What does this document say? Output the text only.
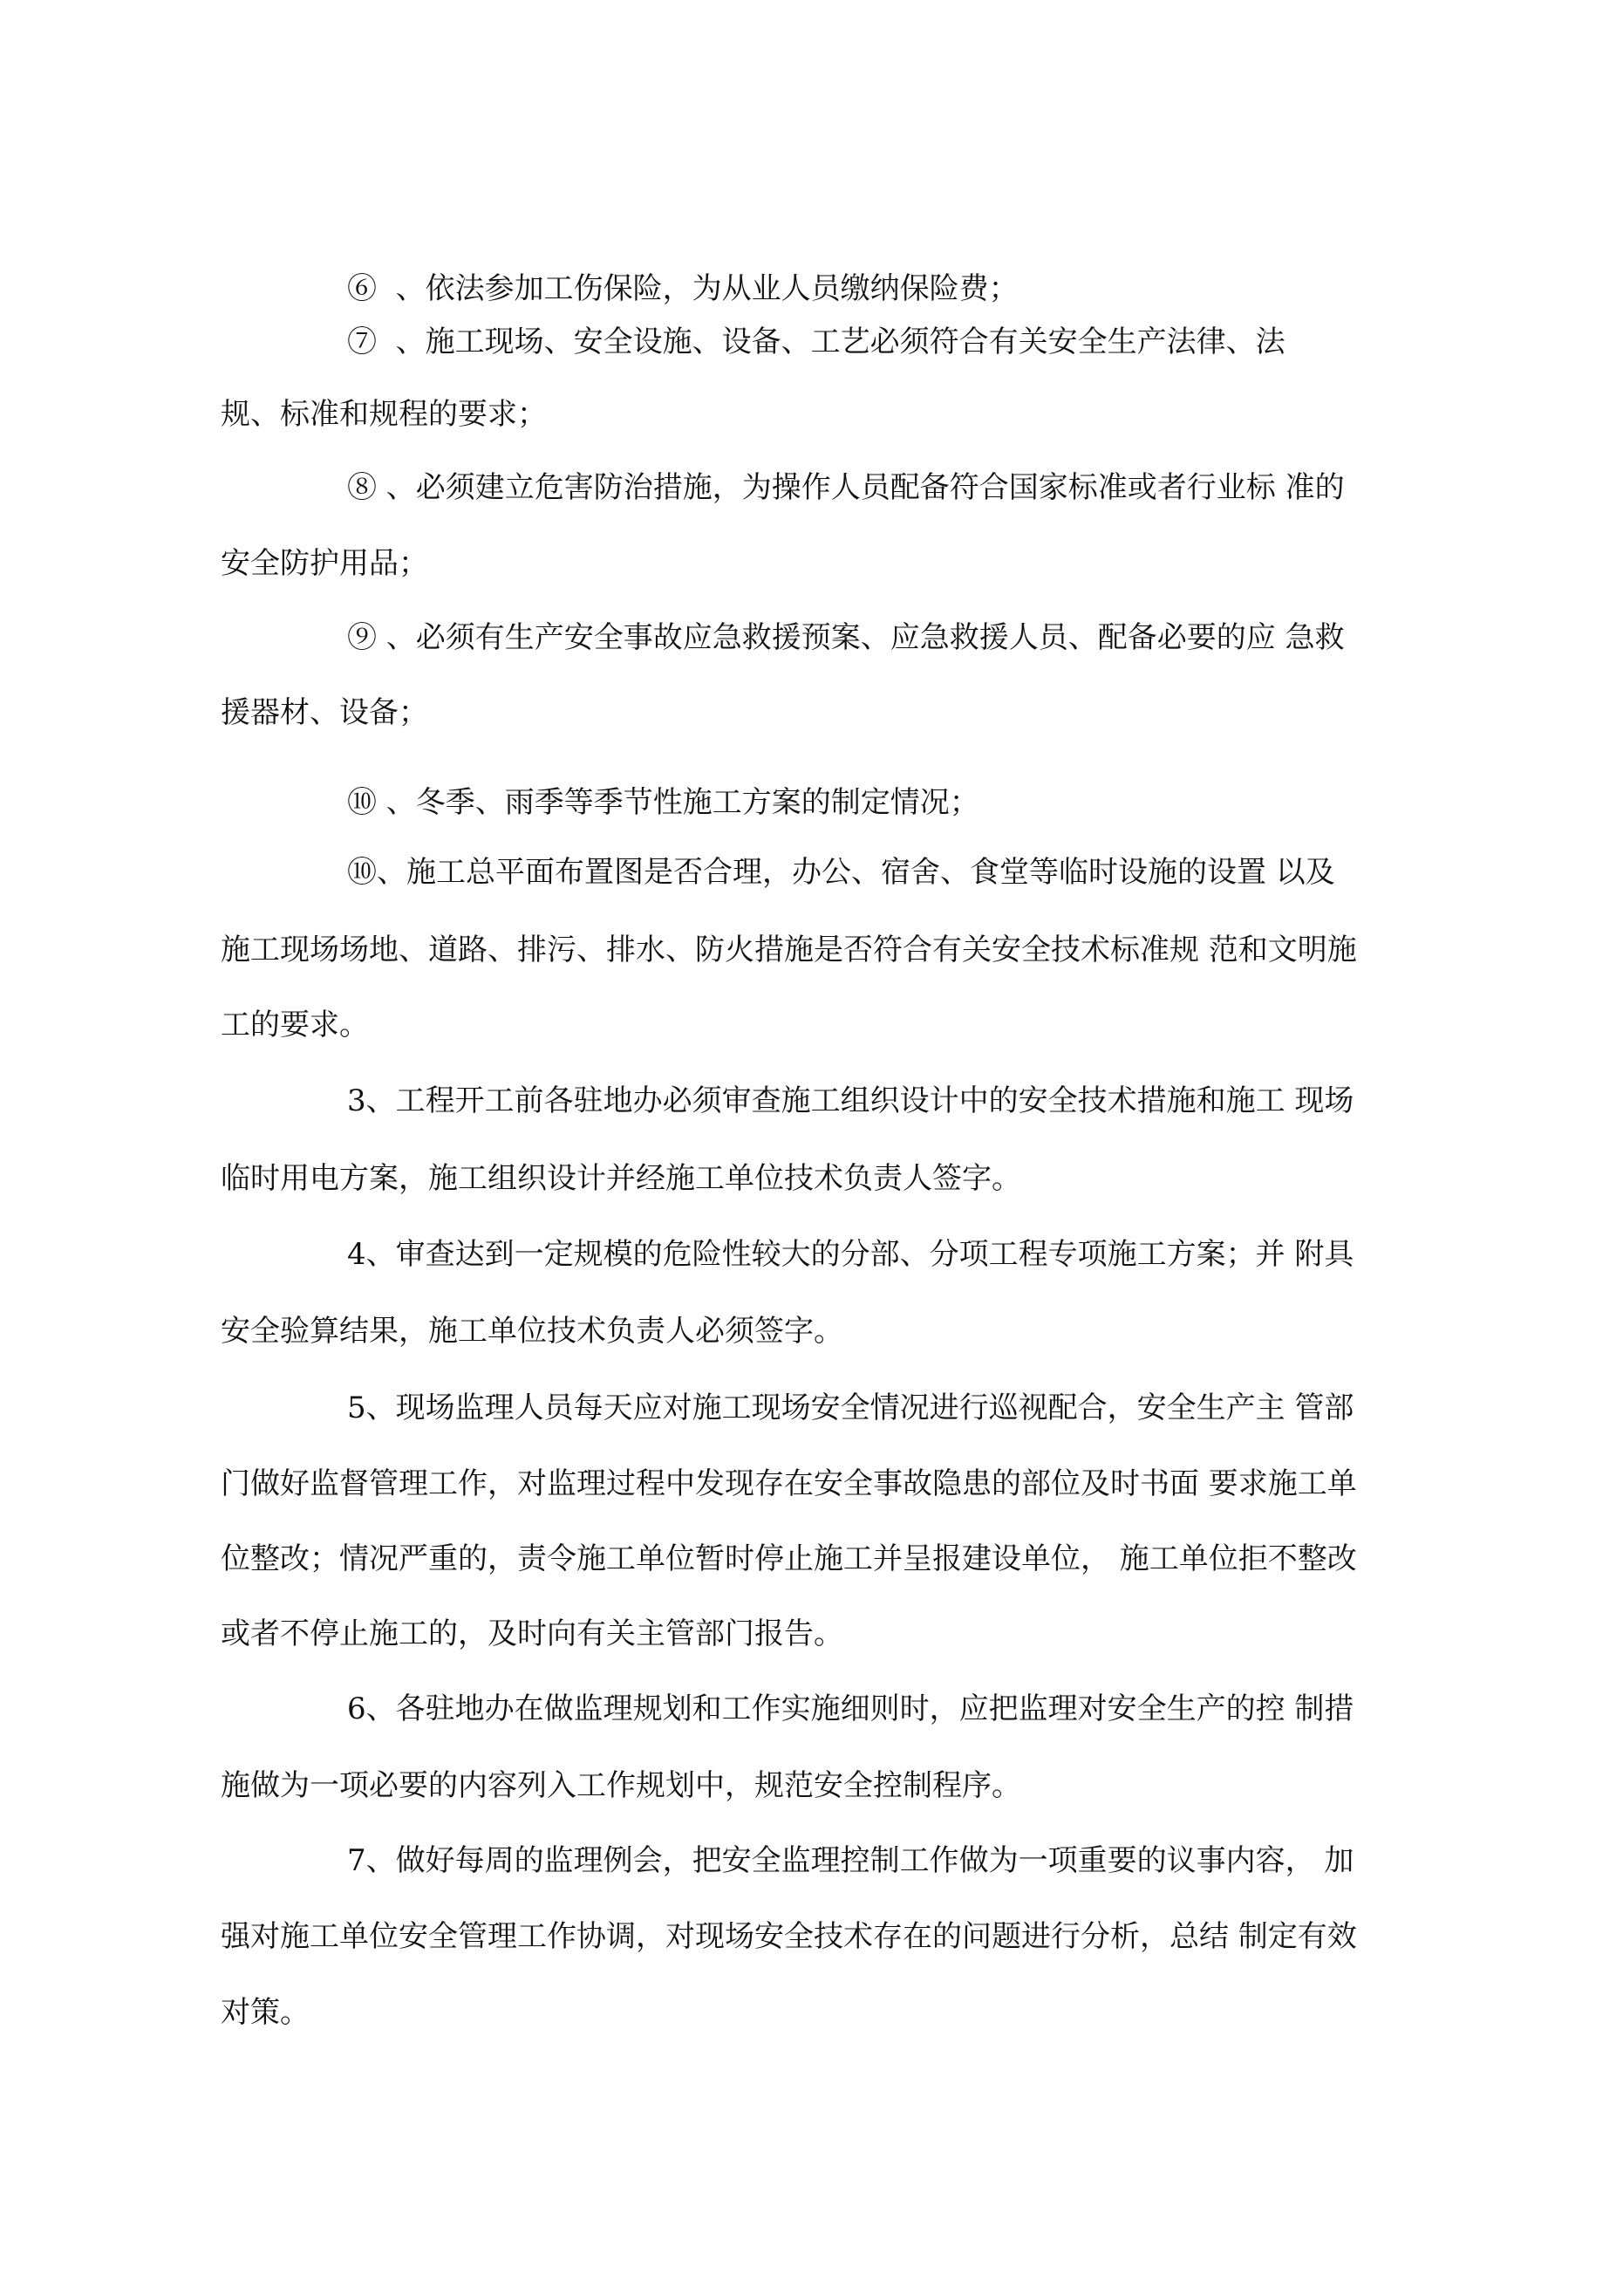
⑥  、依法参加工伤保险，为从业人员缴纳保险费；
⑦  、施工现场、安全设施、设备、工艺必须符合有关安全生产法律、法
规、标准和规程的要求；
⑧ 、必须建立危害防治措施，为操作人员配备符合国家标准或者行业标 准的
安全防护用品；
⑨ 、必须有生产安全事故应急救援预案、应急救援人员、配备必要的应 急救
援器材、设备；
⑩ 、冬季、雨季等季节性施工方案的制定情况；
⑩、施工总平面布置图是否合理，办公、宿舍、食堂等临时设施的设置 以及
施工现场场地、道路、排污、排水、防火措施是否符合有关安全技术标准规 范和文明施
工的要求。
3、工程开工前各驻地办必须审查施工组织设计中的安全技术措施和施工 现场
临时用电方案，施工组织设计并经施工单位技术负责人签字。
4、审查达到一定规模的危险性较大的分部、分项工程专项施工方案；并 附具
安全验算结果，施工单位技术负责人必须签字。
5、现场监理人员每天应对施工现场安全情况进行巡视配合，安全生产主 管部
门做好监督管理工作，对监理过程中发现存在安全事故隐患的部位及时书面 要求施工单
位整改；情况严重的，责令施工单位暂时停止施工并呈报建设单位， 施工单位拒不整改
或者不停止施工的，及时向有关主管部门报告。
6、各驻地办在做监理规划和工作实施细则时，应把监理对安全生产的控 制措
施做为一项必要的内容列入工作规划中，规范安全控制程序。
7、做好每周的监理例会，把安全监理控制工作做为一项重要的议事内容， 加
强对施工单位安全管理工作协调，对现场安全技术存在的问题进行分析，总结 制定有效
对策。
